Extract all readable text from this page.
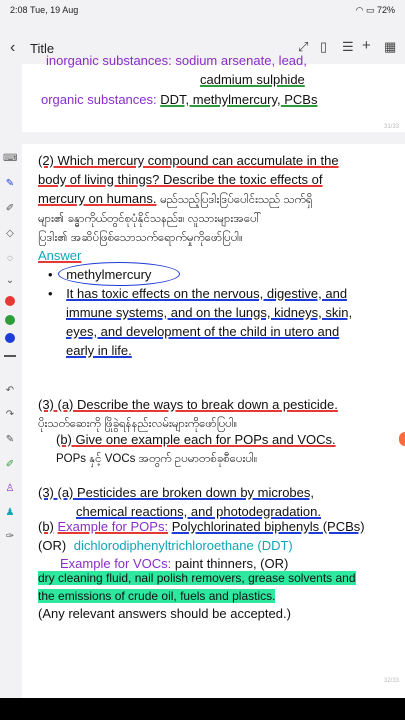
2:08 Tue, 19 Aug	◠ ▭ 72%
‹ Title	⤢ ▯ ☰ + ▦
⌨
✎
✐
◇
◌
⌄
↶
↷
✎
✐
♙
♟
✑
inorganic substances: sodium arsenate, lead,
cadmium sulphide
organic substances: DDT, methylmercury, PCBs
31/33
(2) Which mercury compound can accumulate in the
body of living things? Describe the toxic effects of
mercury on humans. မည်သည့်ပြဒါးဒြပ်ပေါင်းသည် သက်ရှိ
များ၏ ခန္ဓာကိုယ်တွင်စုပုံနိုင်သနည်း။ လူသားများအပေါ်
ပြဒါး၏ အဆိပ်ဖြစ်သောသက်ရောက်မှုကိုဖော်ပြပါ။
Answer
• methylmercury
• It has toxic effects on the nervous, digestive, and
immune systems, and on the lungs, kidneys, skin,
eyes, and development of the child in utero and
early in life.
(3) (a) Describe the ways to break down a pesticide.
ပိုးသတ်ဆေးကို ဖြိုခွဲရန်နည်းလမ်းများကိုဖော်ပြပါ။
(b) Give one example each for POPs and VOCs.
POPs နှင့် VOCs အတွက် ဥပမာတစ်ခုစီပေးပါ။
(3) (a) Pesticides are broken down by microbes,
chemical reactions, and photodegradation.
(b) Example for POPs: Polychlorinated biphenyls (PCBs)
(OR) dichlorodiphenyltrichloroethane (DDT)
Example for VOCs: paint thinners, (OR)
dry cleaning fluid, nail polish removers, grease solvents and
the emissions of crude oil, fuels and plastics.
(Any relevant answers should be accepted.)
32/33
